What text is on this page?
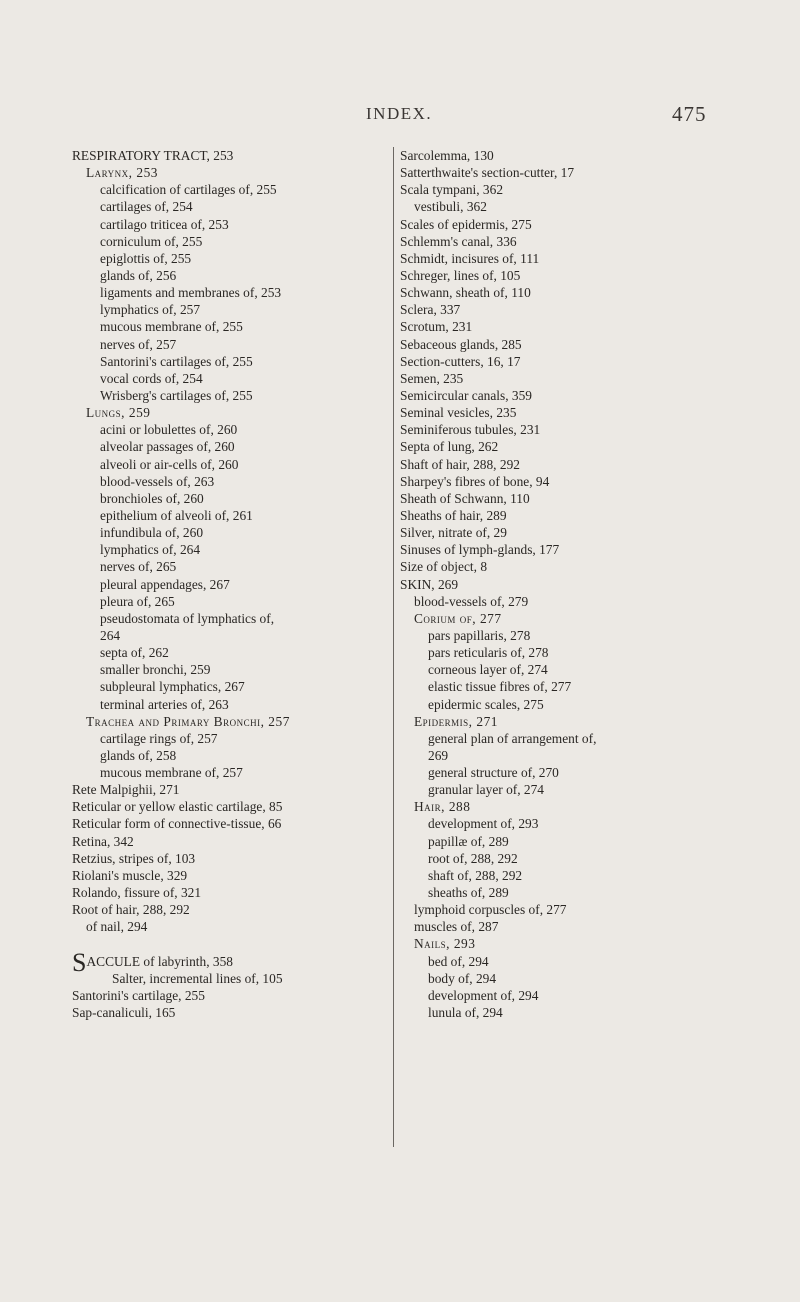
INDEX.	475
RESPIRATORY TRACT, 253
Larynx, 253
calcification of cartilages of, 255
cartilages of, 254
cartilago triticea of, 253
corniculum of, 255
epiglottis of, 255
glands of, 256
ligaments and membranes of, 253
lymphatics of, 257
mucous membrane of, 255
nerves of, 257
Santorini's cartilages of, 255
vocal cords of, 254
Wrisberg's cartilages of, 255
Lungs, 259
acini or lobulettes of, 260
alveolar passages of, 260
alveoli or air-cells of, 260
blood-vessels of, 263
bronchioles of, 260
epithelium of alveoli of, 261
infundibula of, 260
lymphatics of, 264
nerves of, 265
pleural appendages, 267
pleura of, 265
pseudostomata of lymphatics of,
264
septa of, 262
smaller bronchi, 259
subpleural lymphatics, 267
terminal arteries of, 263
Trachea and Primary Bronchi, 257
cartilage rings of, 257
glands of, 258
mucous membrane of, 257
Rete Malpighii, 271
Reticular or yellow elastic cartilage, 85
Reticular form of connective-tissue, 66
Retina, 342
Retzius, stripes of, 103
Riolani's muscle, 329
Rolando, fissure of, 321
Root of hair, 288, 292
of nail, 294
SACCULE of labyrinth, 358
Salter, incremental lines of, 105
Santorini's cartilage, 255
Sap-canaliculi, 165
Sarcolemma, 130
Satterthwaite's section-cutter, 17
Scala tympani, 362
vestibuli, 362
Scales of epidermis, 275
Schlemm's canal, 336
Schmidt, incisures of, 111
Schreger, lines of, 105
Schwann, sheath of, 110
Sclera, 337
Scrotum, 231
Sebaceous glands, 285
Section-cutters, 16, 17
Semen, 235
Semicircular canals, 359
Seminal vesicles, 235
Seminiferous tubules, 231
Septa of lung, 262
Shaft of hair, 288, 292
Sharpey's fibres of bone, 94
Sheath of Schwann, 110
Sheaths of hair, 289
Silver, nitrate of, 29
Sinuses of lymph-glands, 177
Size of object, 8
SKIN, 269
blood-vessels of, 279
Corium of, 277
pars papillaris, 278
pars reticularis of, 278
corneous layer of, 274
elastic tissue fibres of, 277
epidermic scales, 275
Epidermis, 271
general plan of arrangement of,
269
general structure of, 270
granular layer of, 274
Hair, 288
development of, 293
papillæ of, 289
root of, 288, 292
shaft of, 288, 292
sheaths of, 289
lymphoid corpuscles of, 277
muscles of, 287
Nails, 293
bed of, 294
body of, 294
development of, 294
lunula of, 294
